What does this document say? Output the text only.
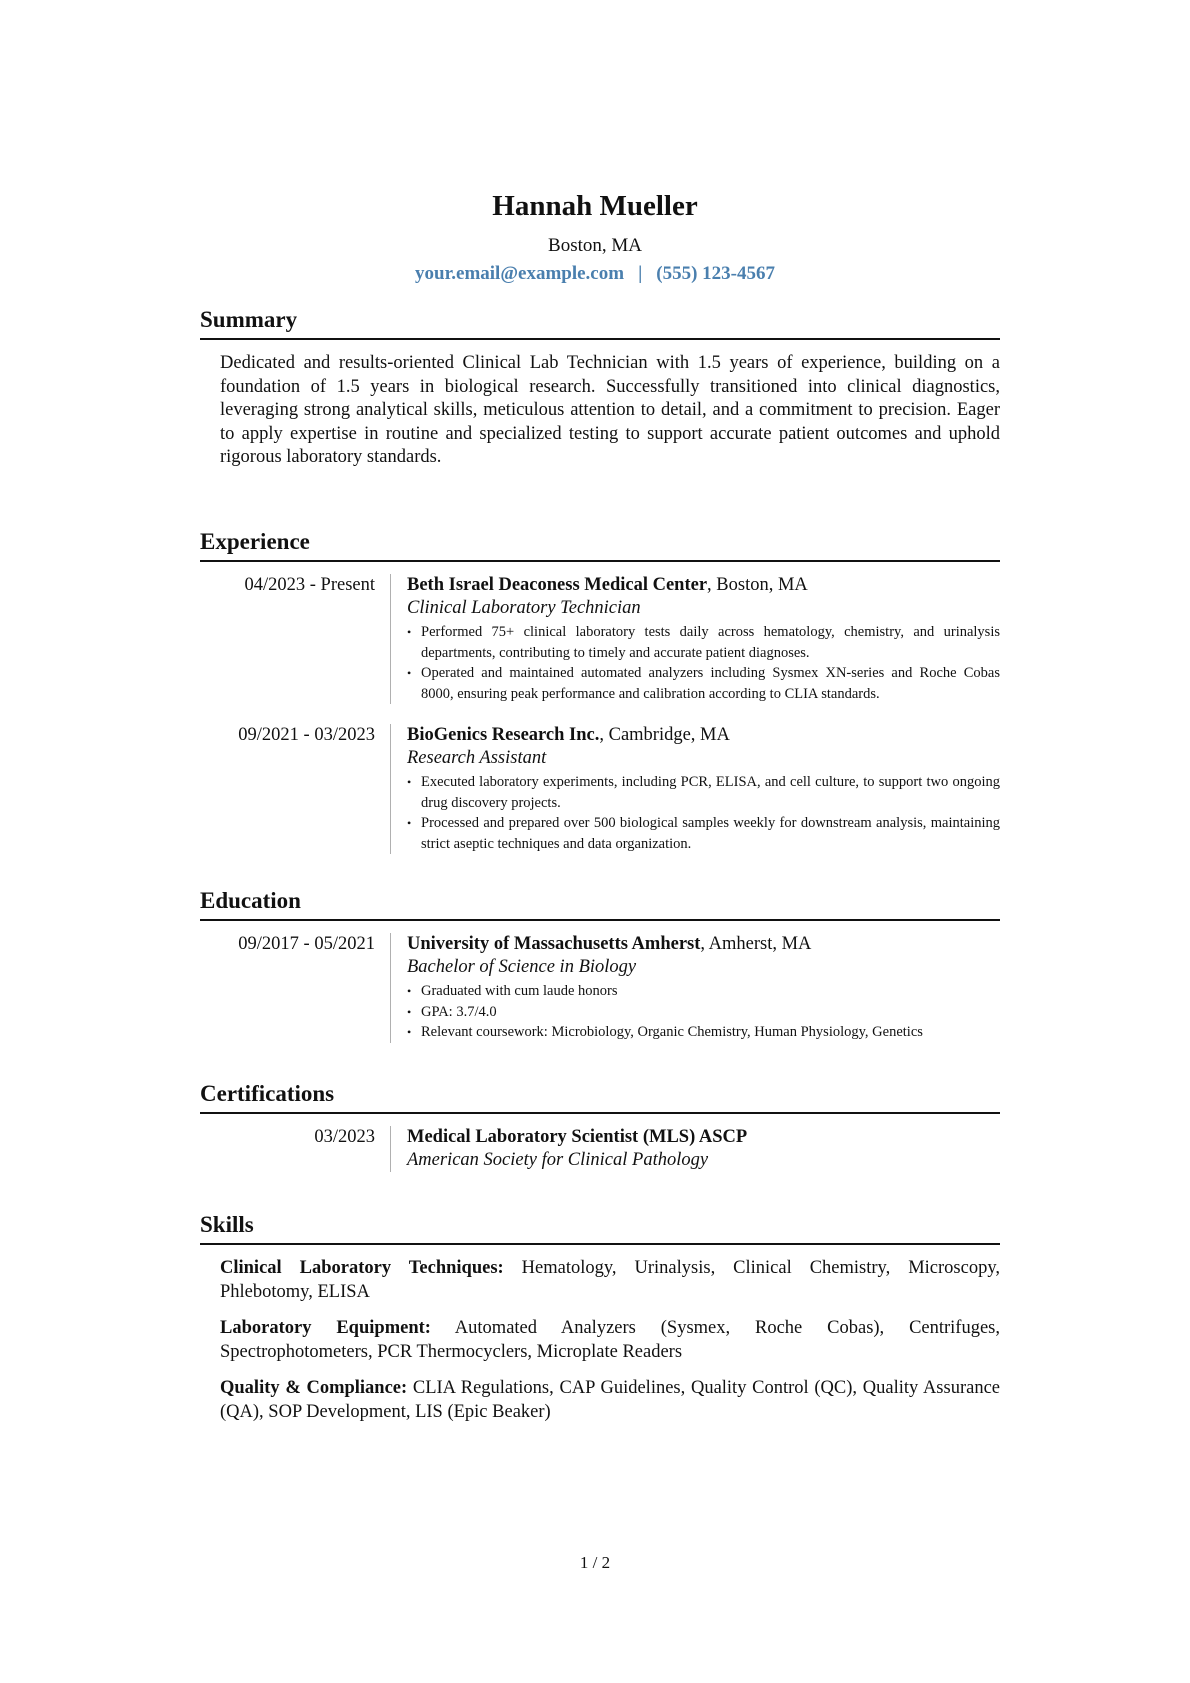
Hannah Mueller
Boston, MA
your.email@example.com | (555) 123-4567
Summary
Dedicated and results-oriented Clinical Lab Technician with 1.5 years of experience, building on a foundation of 1.5 years in biological research. Successfully transitioned into clinical diagnostics, leveraging strong analytical skills, meticulous attention to detail, and a commitment to precision. Eager to apply expertise in routine and specialized testing to support accurate patient outcomes and uphold rigorous laboratory standards.
Experience
04/2023 - Present Beth Israel Deaconess Medical Center, Boston, MA
Clinical Laboratory Technician
• Performed 75+ clinical laboratory tests daily across hematology, chemistry, and urinalysis departments, contributing to timely and accurate patient diagnoses.
• Operated and maintained automated analyzers including Sysmex XN-series and Roche Cobas 8000, ensuring peak performance and calibration according to CLIA standards.
09/2021 - 03/2023 BioGenics Research Inc., Cambridge, MA
Research Assistant
• Executed laboratory experiments, including PCR, ELISA, and cell culture, to support two ongoing drug discovery projects.
• Processed and prepared over 500 biological samples weekly for downstream analysis, maintaining strict aseptic techniques and data organization.
Education
09/2017 - 05/2021 University of Massachusetts Amherst, Amherst, MA
Bachelor of Science in Biology
• Graduated with cum laude honors
• GPA: 3.7/4.0
• Relevant coursework: Microbiology, Organic Chemistry, Human Physiology, Genetics
Certifications
03/2023 Medical Laboratory Scientist (MLS) ASCP
American Society for Clinical Pathology
Skills
Clinical Laboratory Techniques: Hematology, Urinalysis, Clinical Chemistry, Microscopy, Phlebotomy, ELISA
Laboratory Equipment: Automated Analyzers (Sysmex, Roche Cobas), Centrifuges, Spectrophotometers, PCR Thermocyclers, Microplate Readers
Quality & Compliance: CLIA Regulations, CAP Guidelines, Quality Control (QC), Quality Assurance (QA), SOP Development, LIS (Epic Beaker)
1 / 2
